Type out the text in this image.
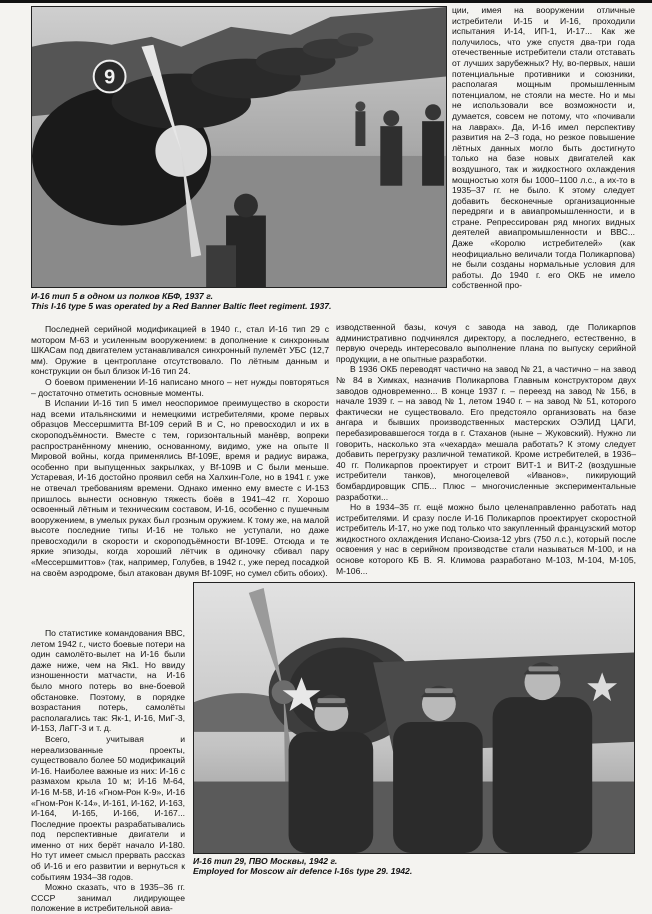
9
И-16 тип 5 в одном из полков КБФ, 1937 г.
This I-16 type 5 was operated by a Red Banner Baltic fleet regiment. 1937.

ции, имея на вооружении отличные истребители И-15 и И-16, проходили испытания И-14, ИП-1, И-17... Как же получилось, что уже спустя два-три года отечественные истребители стали отставать от лучших зарубежных? Ну, во-первых, наши потенциальные противники и союзники, располагая мощным промышленным потенциалом, не стояли на месте. Но и мы не использовали все возможности и, думается, совсем не потому, что «почивали на лаврах». Да, И-16 имел перспективу развития на 2–3 года, но резкое повышение лётных данных могло быть достигнуто только на базе новых двигателей как воздушного, так и жидкостного охлаждения мощностью хотя бы 1000–1100 л.с., а их-то в 1935–37 гг. не было. К этому следует добавить бесконечные организационные передряги и в авиапромышленности, и в стране. Репрессирован ряд многих видных деятелей авиапромышленности и ВВС... Даже «Королю истребителей» (как неофициально величали тогда Поликарпова) не были созданы нормальные условия для работы. До 1940 г. его ОКБ не имело собственной про-

Последней серийной модификацией в 1940 г., стал И-16 тип 29 с мотором М-63 и усиленным вооружением: в дополнение к синхронным ШКАСам под двигателем устанавливался синхронный пулемёт УБС (12,7 мм). Оружие в центроплане отсутствовало. По лётным данным и конструкции он был близок И-16 тип 24.

О боевом применении И-16 написано много – нет нужды повторяться – достаточно отметить основные моменты.

В Испании И-16 тип 5 имел неоспоримое преимущество в скорости над всеми итальянскими и немецкими истребителями, кроме первых образцов Мессершмитта Bf-109 серий В и С, но превосходил и их в скороподъёмности. Вместе с тем, горизонтальный манёвр, вопреки распространённому мнению, основанному, видимо, уже на опыте II Мировой войны, когда применялись Bf-109E, время и радиус виража, особенно при выпущенных закрылках, у Bf-109В и С были меньше. Устаревая, И-16 достойно проявил себя на Халхин-Голе, но в 1941 г. уже не отвечал требованиям времени. Однако именно ему вместе с И-153 пришлось вынести основную тяжесть боёв в 1941–42 гг. Хорошо освоенный лётным и техническим составом, И-16, особенно с пушечным вооружением, в умелых руках был грозным оружием. К тому же, на малой высоте последние типы И-16 не только не уступали, но даже превосходили в скорости и скороподъёмности Bf-109E. Отсюда и те яркие эпизоды, когда хороший лётчик в одиночку сбивал пару «Мессершмиттов» (так, например, Голубев, в 1942 г., уже перед посадкой на своём аэродроме, был атакован двумя Bf-109F, но сумел сбить обоих).

изводственной базы, кочуя с завода на завод, где Поликарпов административно подчинялся директору, а последнего, естественно, в первую очередь интересовало выполнение плана по выпуску серийной продукции, а не опытные разработки.

В 1936 ОКБ переводят частично на завод № 21, а частично – на завод № 84 в Химках, назначив Поликарпова Главным конструктором двух заводов одновременно... В конце 1937 г. – переезд на завод № 156, в начале 1939 г. – на завод № 1, летом 1940 г. – на завод № 51, которого фактически не существовало. Его предстояло организовать на базе ангара и бывших производственных мастерских ОЭЛИД ЦАГИ, перебазировавшегося тогда в г. Стаханов (ныне – Жуковский). Нужно ли говорить, насколько эта «чехарда» мешала работать? К этому следует добавить перегрузку различной тематикой. Кроме истребителей, в 1936–40 гг. Поликарпов проектирует и строит ВИТ-1 и ВИТ-2 (воздушные истребители танков), многоцелевой «Иванов», пикирующий бомбардировщик СПБ... Плюс – многочисленные экспериментальные разработки...

Но в 1934–35 гг. ещё можно было целенаправленно работать над истребителями. И сразу после И-16 Поликарпов проектирует скоростной истребитель И-17, но уже под только что закупленный французский мотор жидкостного охлаждения Испано-Сюиза-12 ybrs (750 л.с.), который после освоения у нас в серийном производстве стали называться М-100, и на основе которого КБ В. Я. Климова разработано М-103, М-104, М-105, М-106...

По статистике командования ВВС, летом 1942 г., чисто боевые потери на один самолёто-вылет на И-16 были даже ниже, чем на Як1. Но ввиду изношенности матчасти, на И-16 было много потерь во вне-боевой обстановке. Поэтому, в порядке возрастания потерь, самолёты располагались так: Як-1, И-16, МиГ-3, И-153, ЛаГГ-3 и т. д.

Всего, учитывая и нереализованные проекты, существовало более 50 модификаций И-16. Наиболее важные из них: И-16 с размахом крыла 10 м; И-16 М-64, И-16 М-58, И-16 «Гном-Рон К-9», И-16 «Гном-Рон К-14», И-161, И-162, И-163, И-164, И-165, И-166, И-167... Последние проекты разрабатывались под перспективные двигатели и именно от них берёт начало И-180. Но тут имеет смысл прервать рассказ об И-16 и его развитии и вернуться к событиям 1934–38 годов.

Можно сказать, что в 1935–36 гг. СССР занимал лидирующее положение в истребительной авиа-

И-16 тип 29, ПВО Москвы, 1942 г.
Employed for Moscow air defence I-16s type 29. 1942.
